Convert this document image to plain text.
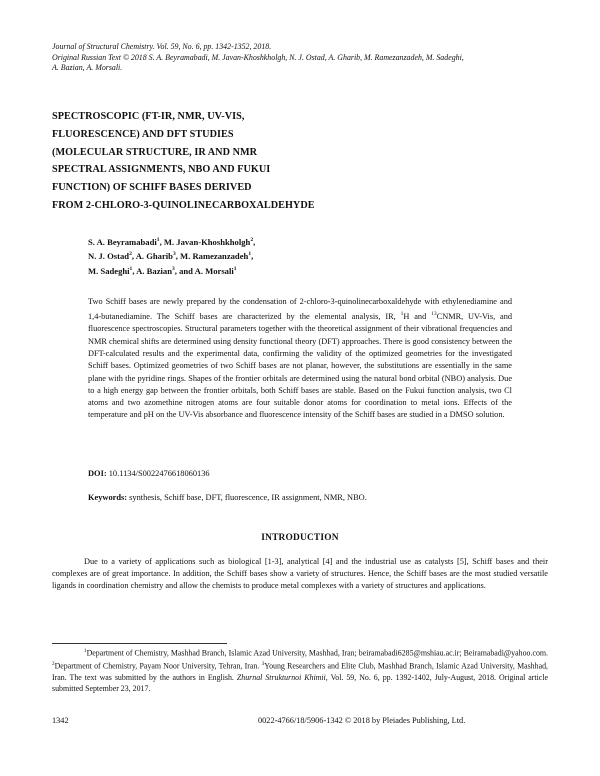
Journal of Structural Chemistry. Vol. 59, No. 6, pp. 1342-1352, 2018.
Original Russian Text © 2018 S. A. Beyramabadi, M. Javan-Khoshkholgh, N. J. Ostad, A. Gharib, M. Ramezanzadeh, M. Sadeghi,
A. Bazian, A. Morsali.
SPECTROSCOPIC (FT-IR, NMR, UV-VIS,
FLUORESCENCE) AND DFT STUDIES
(MOLECULAR STRUCTURE, IR AND NMR
SPECTRAL ASSIGNMENTS, NBO AND FUKUI
FUNCTION) OF SCHIFF BASES DERIVED
FROM 2-CHLORO-3-QUINOLINECARBOXALDEHYDE
S. A. Beyramabadi$^1$, M. Javan-Khoshkholgh$^2$,
N. J. Ostad$^2$, A. Gharib$^3$, M. Ramezanzadeh$^1$,
M. Sadeghi$^1$, A. Bazian$^3$, and A. Morsali$^1$
Two Schiff bases are newly prepared by the condensation of 2-chloro-3-quinolinecarboxaldehyde with ethylenediamine and 1,4-butanediamine. The Schiff bases are characterized by the elemental analysis, IR, $^1$H and $^{13}$CNMR, UV-Vis, and fluorescence spectroscopies. Structural parameters together with the theoretical assignment of their vibrational frequencies and NMR chemical shifts are determined using density functional theory (DFT) approaches. There is good consistency between the DFT-calculated results and the experimental data, confirming the validity of the optimized geometries for the investigated Schiff bases. Optimized geometries of two Schiff bases are not planar, however, the substitutions are essentially in the same plane with the pyridine rings. Shapes of the frontier orbitals are determined using the natural bond orbital (NBO) analysis. Due to a high energy gap between the frontier orbitals, both Schiff bases are stable. Based on the Fukui function analysis, two Cl atoms and two azomethine nitrogen atoms are four suitable donor atoms for coordination to metal ions. Effects of the temperature and pH on the UV-Vis absorbance and fluorescence intensity of the Schiff bases are studied in a DMSO solution.
DOI: 10.1134/S0022476618060136
Keywords: synthesis, Schiff base, DFT, fluorescence, IR assignment, NMR, NBO.
INTRODUCTION
Due to a variety of applications such as biological [1-3], analytical [4] and the industrial use as catalysts [5], Schiff bases and their complexes are of great importance. In addition, the Schiff bases show a variety of structures. Hence, the Schiff bases are the most studied versatile ligands in coordination chemistry and allow the chemists to produce metal complexes with a variety of structures and applications.
$^1$Department of Chemistry, Mashhad Branch, Islamic Azad University, Mashhad, Iran; beiramabadi6285@mshiau.ac.ir; Beiramabadi@yahoo.com. $^2$Department of Chemistry, Payam Noor University, Tehran, Iran. $^3$Young Researchers and Elite Club, Mashhad Branch, Islamic Azad University, Mashhad, Iran. The text was submitted by the authors in English. Zhurnal Strukturnoi Khimii, Vol. 59, No. 6, pp. 1392-1402, July-August, 2018. Original article submitted September 23, 2017.
1342	0022-4766/18/5906-1342 © 2018 by Pleiades Publishing, Ltd.
